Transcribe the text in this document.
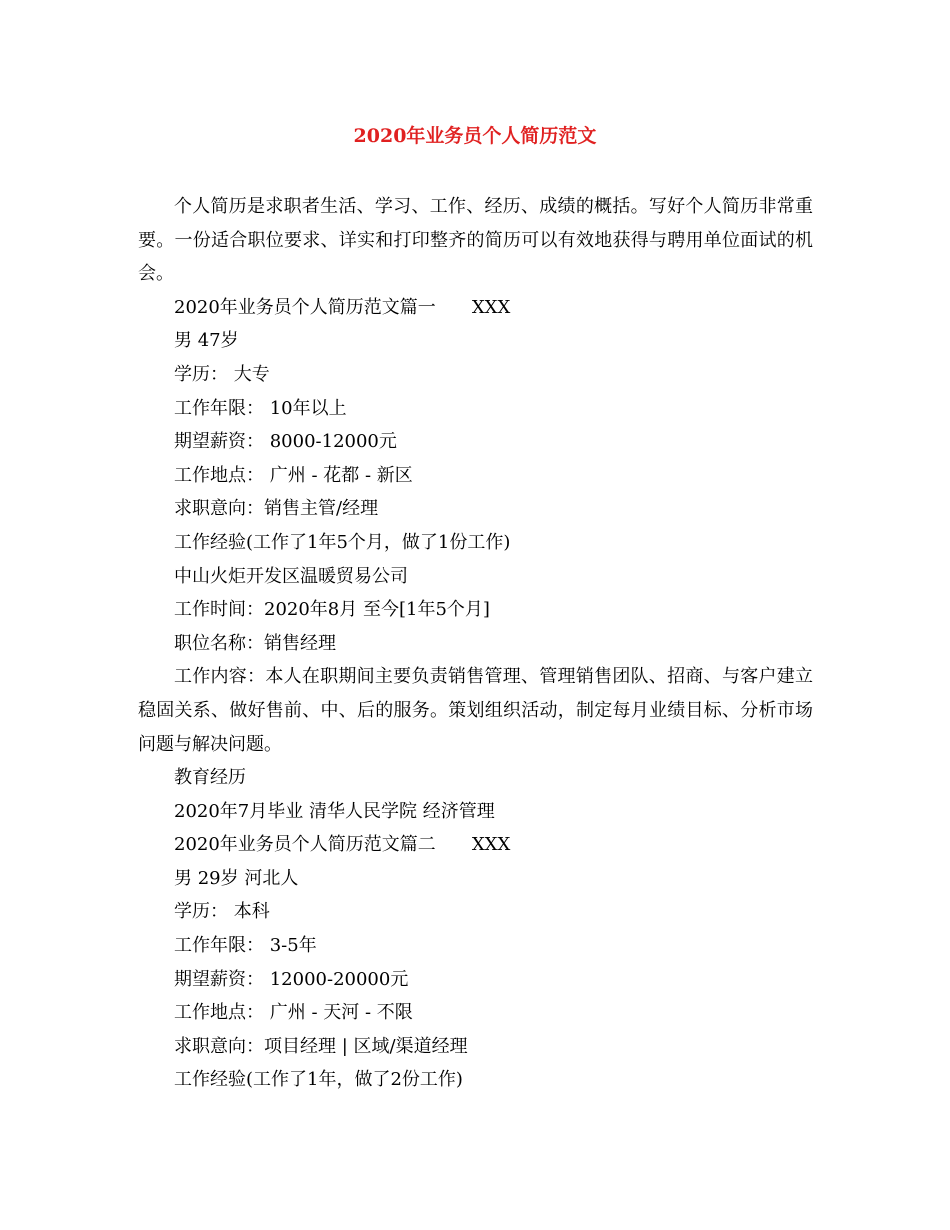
2020年业务员个人简历范文

个人简历是求职者生活、学习、工作、经历、成绩的概括。写好个人简历非常重要。一份适合职位要求、详实和打印整齐的简历可以有效地获得与聘用单位面试的机会。

2020年业务员个人简历范文篇一 XXX

男 47岁

学历： 大专

工作年限： 10年以上

期望薪资： 8000-12000元

工作地点： 广州 - 花都 - 新区

求职意向：销售主管/经理

工作经验(工作了1年5个月，做了1份工作)

中山火炬开发区温暖贸易公司

工作时间：2020年8月 至今[1年5个月]

职位名称：销售经理

工作内容：本人在职期间主要负责销售管理、管理销售团队、招商、与客户建立稳固关系、做好售前、中、后的服务。策划组织活动，制定每月业绩目标、分析市场问题与解决问题。

教育经历

2020年7月毕业 清华人民学院 经济管理

2020年业务员个人简历范文篇二 XXX

男 29岁 河北人

学历： 本科

工作年限： 3-5年

期望薪资： 12000-20000元

工作地点： 广州 - 天河 - 不限

求职意向：项目经理 | 区域/渠道经理

工作经验(工作了1年，做了2份工作)
